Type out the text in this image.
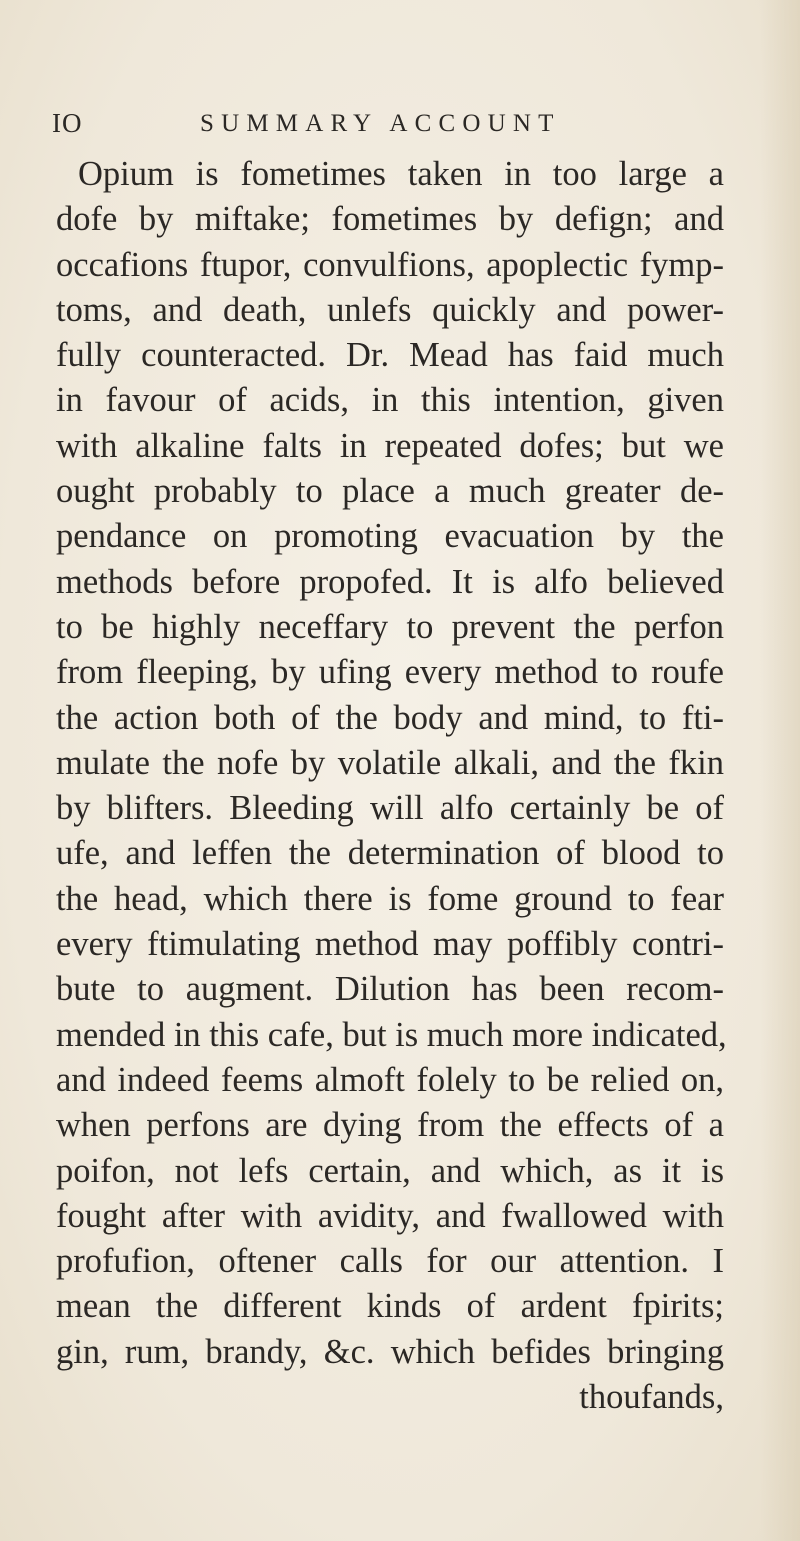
IO	SUMMARY ACCOUNT
Opium is fometimes taken in too large a
dofe by miftake; fometimes by defign; and
occafions ftupor, convulfions, apoplectic fymp-
toms, and death, unlefs quickly and power-
fully counteracted. Dr. Mead has faid much
in favour of acids, in this intention, given
with alkaline falts in repeated dofes; but we
ought probably to place a much greater de-
pendance on promoting evacuation by the
methods before propofed. It is alfo believed
to be highly neceffary to prevent the perfon
from fleeping, by ufing every method to roufe
the action both of the body and mind, to fti-
mulate the nofe by volatile alkali, and the fkin
by blifters. Bleeding will alfo certainly be of
ufe, and leffen the determination of blood to
the head, which there is fome ground to fear
every ftimulating method may poffibly contri-
bute to augment. Dilution has been recom-
mended in this cafe, but is much more indicated,
and indeed feems almoft folely to be relied on,
when perfons are dying from the effects of a
poifon, not lefs certain, and which, as it is
fought after with avidity, and fwallowed with
profufion, oftener calls for our attention. I
mean the different kinds of ardent fpirits;
gin, rum, brandy, &c. which befides bringing
thoufands,
